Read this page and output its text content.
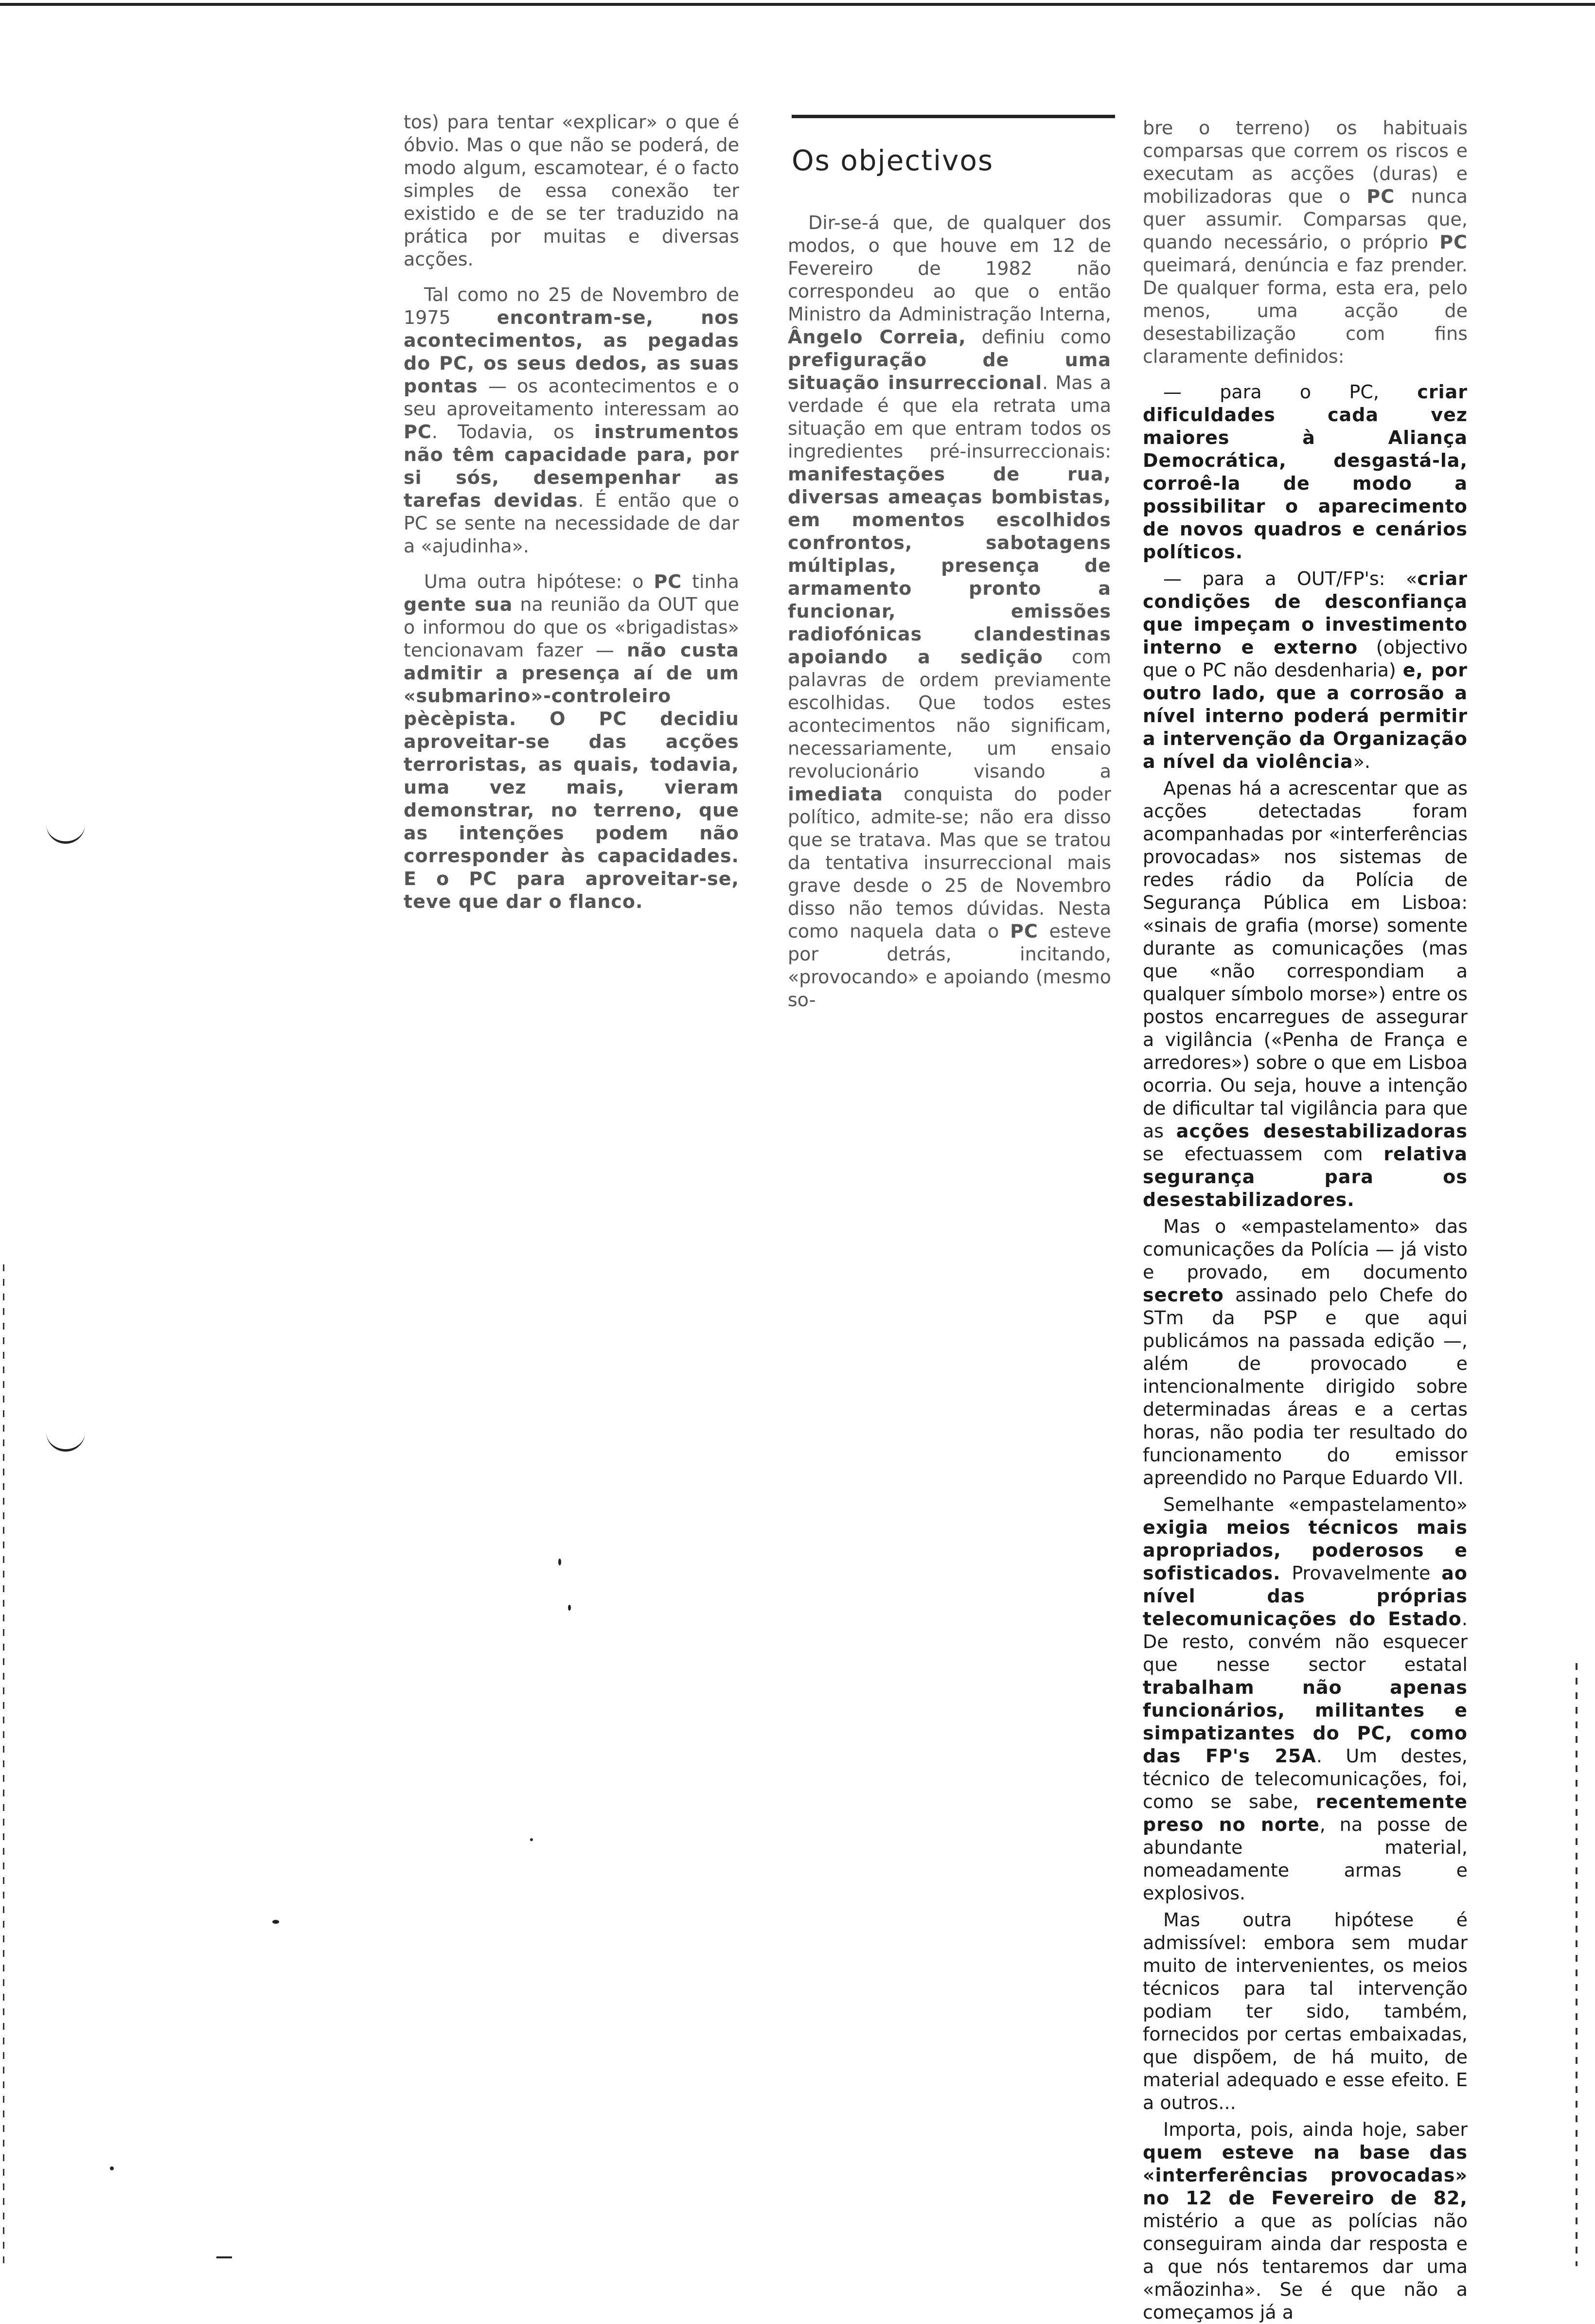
tos) para tentar «explicar» o que é óbvio. Mas o que não se poderá, de modo algum, escamotear, é o facto simples de essa conexão ter existido e de se ter traduzido na prática por muitas e diversas acções.

Tal como no 25 de Novembro de 1975 encontram-se, nos acontecimentos, as pegadas do PC, os seus dedos, as suas pontas — os acontecimentos e o seu aproveitamento interessam ao PC. Todavia, os instrumentos não têm capacidade para, por si sós, desempenhar as tarefas devidas. É então que o PC se sente na necessidade de dar a «ajudinha».

Uma outra hipótese: o PC tinha gente sua na reunião da OUT que o informou do que os «brigadistas» tencionavam fazer — não custa admitir a presença aí de um «submarino»-controleiro pècèpista. O PC decidiu aproveitar-se das acções terroristas, as quais, todavia, uma vez mais, vieram demonstrar, no terreno, que as intenções podem não corresponder às capacidades. E o PC para aproveitar-se, teve que dar o flanco.

Os objectivos

Dir-se-á que, de qualquer dos modos, o que houve em 12 de Fevereiro de 1982 não correspondeu ao que o então Ministro da Administração Interna, Ângelo Correia, definiu como prefiguração de uma situação insurreccional. Mas a verdade é que ela retrata uma situação em que entram todos os ingredientes pré-insurreccionais: manifestações de rua, diversas ameaças bombistas, em momentos escolhidos confrontos, sabotagens múltiplas, presença de armamento pronto a funcionar, emissões radiofónicas clandestinas apoiando a sedição com palavras de ordem previamente escolhidas. Que todos estes acontecimentos não significam, necessariamente, um ensaio revolucionário visando a imediata conquista do poder político, admite-se; não era disso que se tratava. Mas que se tratou da tentativa insurreccional mais grave desde o 25 de Novembro disso não temos dúvidas. Nesta como naquela data o PC esteve por detrás, incitando, «provocando» e apoiando (mesmo so-

bre o terreno) os habituais comparsas que correm os riscos e executam as acções (duras) e mobilizadoras que o PC nunca quer assumir. Comparsas que, quando necessário, o próprio PC queimará, denúncia e faz prender. De qualquer forma, esta era, pelo menos, uma acção de desestabilização com fins claramente definidos:

— para o PC, criar dificuldades cada vez maiores à Aliança Democrática, desgastá-la, corroê-la de modo a possibilitar o aparecimento de novos quadros e cenários políticos.

— para a OUT/FP's: «criar condições de desconfiança que impeçam o investimento interno e externo (objectivo que o PC não desdenharia) e, por outro lado, que a corrosão a nível interno poderá permitir a intervenção da Organização a nível da violência».

Apenas há a acrescentar que as acções detectadas foram acompanhadas por «interferências provocadas» nos sistemas de redes rádio da Polícia de Segurança Pública em Lisboa: «sinais de grafia (morse) somente durante as comunicações (mas que «não correspondiam a qualquer símbolo morse») entre os postos encarregues de assegurar a vigilância («Penha de França e arredores») sobre o que em Lisboa ocorria. Ou seja, houve a intenção de dificultar tal vigilância para que as acções desestabilizadoras se efectuassem com relativa segurança para os desestabilizadores.

Mas o «empastelamento» das comunicações da Polícia — já visto e provado, em documento secreto assinado pelo Chefe do STm da PSP e que aqui publicámos na passada edição —, além de provocado e intencionalmente dirigido sobre determinadas áreas e a certas horas, não podia ter resultado do funcionamento do emissor apreendido no Parque Eduardo VII.

Semelhante «empastelamento» exigia meios técnicos mais apropriados, poderosos e sofisticados. Provavelmente ao nível das próprias telecomunicações do Estado. De resto, convém não esquecer que nesse sector estatal trabalham não apenas funcionários, militantes e simpatizantes do PC, como das FP's 25A. Um destes, técnico de telecomunicações, foi, como se sabe, recentemente preso no norte, na posse de abundante material, nomeadamente armas e explosivos.

Mas outra hipótese é admissível: embora sem mudar muito de intervenientes, os meios técnicos para tal intervenção podiam ter sido, também, fornecidos por certas embaixadas, que dispõem, de há muito, de material adequado e esse efeito. E a outros...

Importa, pois, ainda hoje, saber quem esteve na base das «interferências provocadas» no 12 de Fevereiro de 82, mistério a que as polícias não conseguiram ainda dar resposta e a que nós tentaremos dar uma «mãozinha». Se é que não a começamos já a
